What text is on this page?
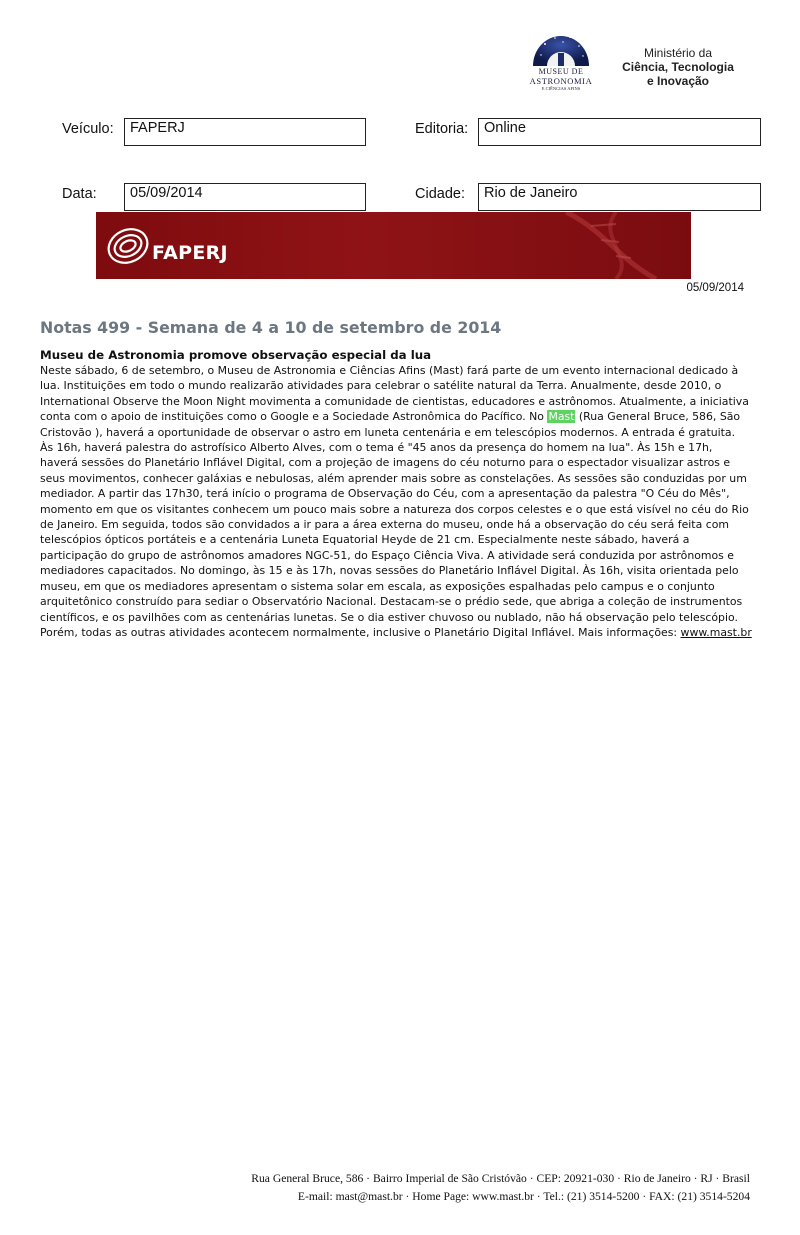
MUSEU DE
ASTRONOMIA
E CIÊNCIAS AFINS
Ministério da
Ciência, Tecnologia
e Inovação
Veículo:	FAPERJ	Editoria:	Online
Data:	05/09/2014	Cidade:	Rio de Janeiro
FAPERJ
05/09/2014
Notas 499 - Semana de 4 a 10 de setembro de 2014
Museu de Astronomia promove observação especial da lua
Neste sábado, 6 de setembro, o Museu de Astronomia e Ciências Afins (Mast) fará parte de um evento internacional dedicado à
lua. Instituições em todo o mundo realizarão atividades para celebrar o satélite natural da Terra. Anualmente, desde 2010, o
International Observe the Moon Night movimenta a comunidade de cientistas, educadores e astrônomos. Atualmente, a iniciativa
conta com o apoio de instituições como o Google e a Sociedade Astronômica do Pacífico. No Mast (Rua General Bruce, 586, São
Cristovão ), haverá a oportunidade de observar o astro em luneta centenária e em telescópios modernos. A entrada é gratuita.
Às 16h, haverá palestra do astrofísico Alberto Alves, com o tema é "45 anos da presença do homem na lua". Às 15h e 17h,
haverá sessões do Planetário Inflável Digital, com a projeção de imagens do céu noturno para o espectador visualizar astros e
seus movimentos, conhecer galáxias e nebulosas, além aprender mais sobre as constelações. As sessões são conduzidas por um
mediador. A partir das 17h30, terá início o programa de Observação do Céu, com a apresentação da palestra "O Céu do Mês",
momento em que os visitantes conhecem um pouco mais sobre a natureza dos corpos celestes e o que está visível no céu do Rio
de Janeiro. Em seguida, todos são convidados a ir para a área externa do museu, onde há a observação do céu será feita com
telescópios ópticos portáteis e a centenária Luneta Equatorial Heyde de 21 cm. Especialmente neste sábado, haverá a
participação do grupo de astrônomos amadores NGC-51, do Espaço Ciência Viva. A atividade será conduzida por astrônomos e
mediadores capacitados. No domingo, às 15 e às 17h, novas sessões do Planetário Inflável Digital. Às 16h, visita orientada pelo
museu, em que os mediadores apresentam o sistema solar em escala, as exposições espalhadas pelo campus e o conjunto
arquitetônico construído para sediar o Observatório Nacional. Destacam-se o prédio sede, que abriga a coleção de instrumentos
científicos, e os pavilhões com as centenárias lunetas. Se o dia estiver chuvoso ou nublado, não há observação pelo telescópio.
Porém, todas as outras atividades acontecem normalmente, inclusive o Planetário Digital Inflável. Mais informações: www.mast.br
Rua General Bruce, 586 · Bairro Imperial de São Cristóvão · CEP: 20921-030 · Rio de Janeiro · RJ · Brasil
E-mail: mast@mast.br · Home Page: www.mast.br · Tel.: (21) 3514-5200 · FAX: (21) 3514-5204
